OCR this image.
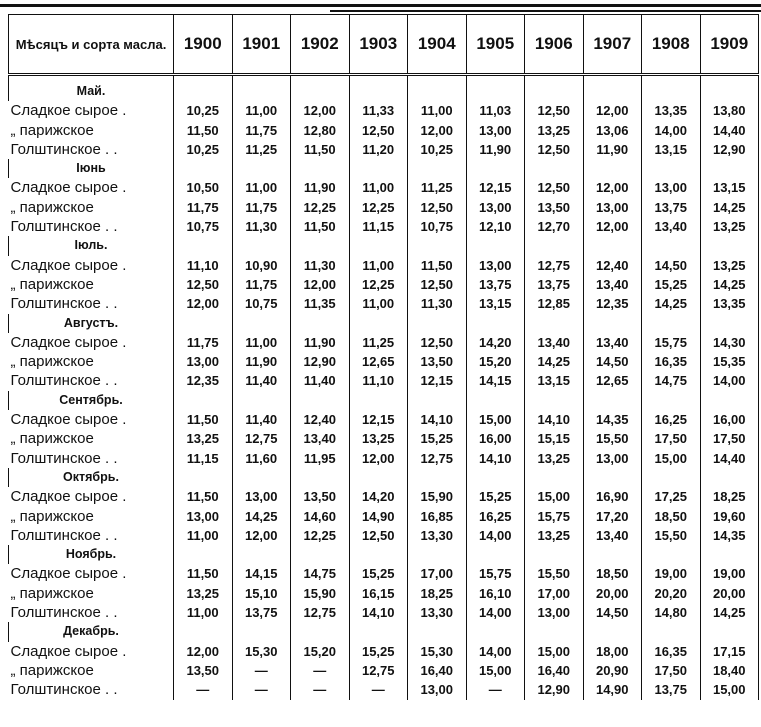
Мѣсяцъ и сорта масла.	1900	1901	1902	1903	1904	1905	1906	1907	1908	1909

Май.										
Сладкое сырое .	10,25	11,00	12,00	11,33	11,00	11,03	12,50	12,00	13,35	13,80
„ парижское	11,50	11,75	12,80	12,50	12,00	13,00	13,25	13,06	14,00	14,40
Голштинское . .	10,25	11,25	11,50	11,20	10,25	11,90	12,50	11,90	13,15	12,90
Іюнь										
Сладкое сырое .	10,50	11,00	11,90	11,00	11,25	12,15	12,50	12,00	13,00	13,15
„ парижское	11,75	11,75	12,25	12,25	12,50	13,00	13,50	13,00	13,75	14,25
Голштинское . .	10,75	11,30	11,50	11,15	10,75	12,10	12,70	12,00	13,40	13,25
Іюль.										
Сладкое сырое .	11,10	10,90	11,30	11,00	11,50	13,00	12,75	12,40	14,50	13,25
„ парижское	12,50	11,75	12,00	12,25	12,50	13,75	13,75	13,40	15,25	14,25
Голштинское . .	12,00	10,75	11,35	11,00	11,30	13,15	12,85	12,35	14,25	13,35
Августъ.										
Сладкое сырое .	11,75	11,00	11,90	11,25	12,50	14,20	13,40	13,40	15,75	14,30
„ парижское	13,00	11,90	12,90	12,65	13,50	15,20	14,25	14,50	16,35	15,35
Голштинское . .	12,35	11,40	11,40	11,10	12,15	14,15	13,15	12,65	14,75	14,00
Сентябрь.										
Сладкое сырое .	11,50	11,40	12,40	12,15	14,10	15,00	14,10	14,35	16,25	16,00
„ парижское	13,25	12,75	13,40	13,25	15,25	16,00	15,15	15,50	17,50	17,50
Голштинское . .	11,15	11,60	11,95	12,00	12,75	14,10	13,25	13,00	15,00	14,40
Октябрь.										
Сладкое сырое .	11,50	13,00	13,50	14,20	15,90	15,25	15,00	16,90	17,25	18,25
„ парижское	13,00	14,25	14,60	14,90	16,85	16,25	15,75	17,20	18,50	19,60
Голштинское . .	11,00	12,00	12,25	12,50	13,30	14,00	13,25	13,40	15,50	14,35
Ноябрь.										
Сладкое сырое .	11,50	14,15	14,75	15,25	17,00	15,75	15,50	18,50	19,00	19,00
„ парижское	13,25	15,10	15,90	16,15	18,25	16,10	17,00	20,00	20,20	20,00
Голштинское . .	11,00	13,75	12,75	14,10	13,30	14,00	13,00	14,50	14,80	14,25
Декабрь.										
Сладкое сырое .	12,00	15,30	15,20	15,25	15,30	14,00	15,00	18,00	16,35	17,15
„ парижское	13,50	—	—	12,75	16,40	15,00	16,40	20,90	17,50	18,40
Голштинское . .	—	—	—	—	13,00	—	12,90	14,90	13,75	15,00
